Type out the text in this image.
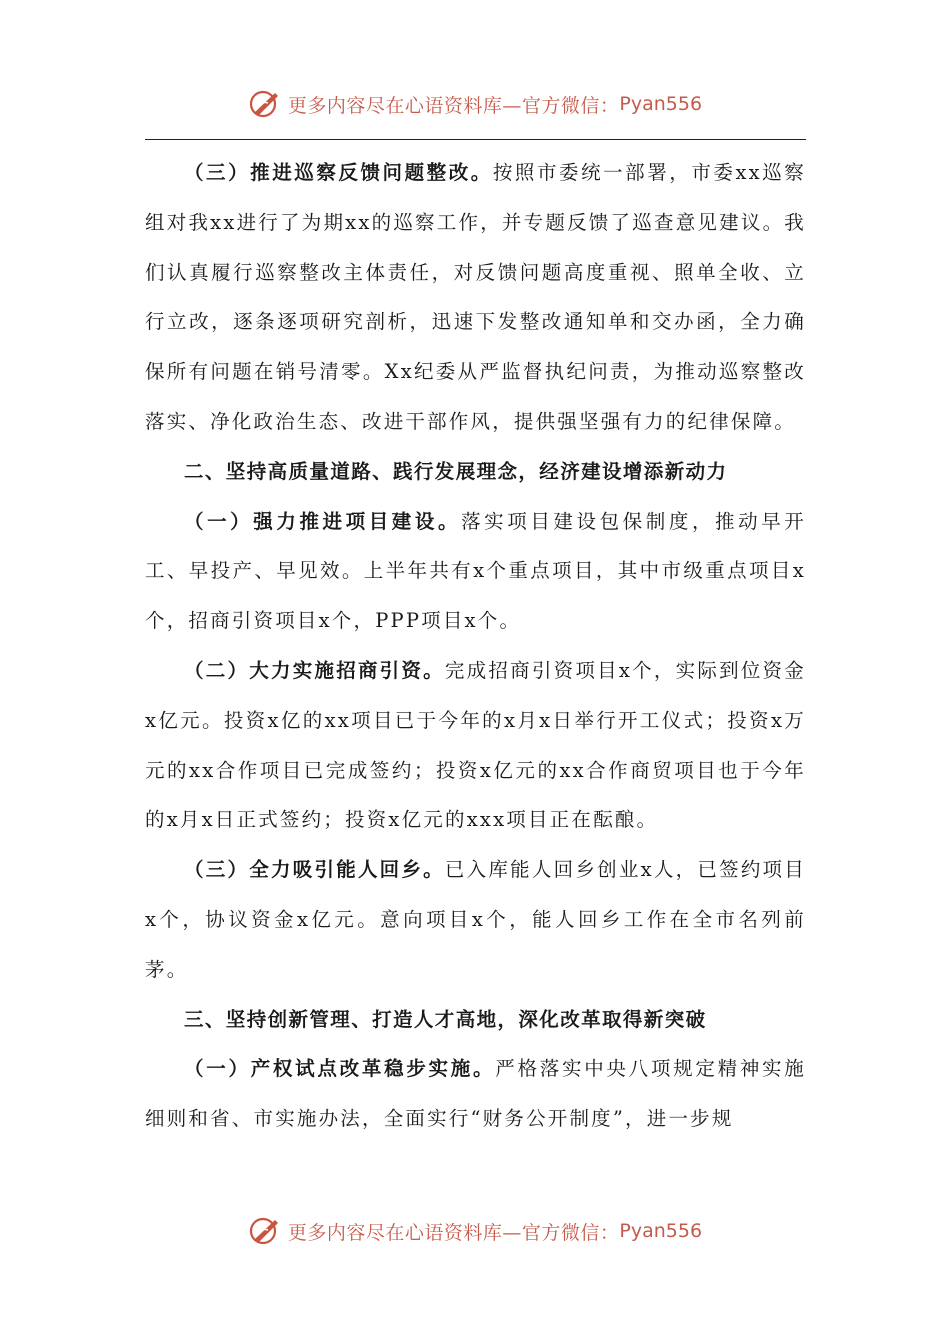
更多内容尽在心语资料库—官方微信： Pyan556

（三）推进巡察反馈问题整改。按照市委统一部署，市委xx巡察组对我xx进行了为期xx的巡察工作，并专题反馈了巡查意见建议。我们认真履行巡察整改主体责任，对反馈问题高度重视、照单全收、立行立改，逐条逐项研究剖析，迅速下发整改通知单和交办函，全力确保所有问题在销号清零。Xx纪委从严监督执纪问责，为推动巡察整改落实、净化政治生态、改进干部作风，提供强坚强有力的纪律保障。

二、坚持高质量道路、践行发展理念，经济建设增添新动力

（一）强力推进项目建设。落实项目建设包保制度，推动早开工、早投产、早见效。上半年共有x个重点项目，其中市级重点项目x个，招商引资项目x个，PPP项目x个。

（二）大力实施招商引资。完成招商引资项目x个，实际到位资金x亿元。投资x亿的xx项目已于今年的x月x日举行开工仪式；投资x万元的xx合作项目已完成签约；投资x亿元的xx合作商贸项目也于今年的x月x日正式签约；投资x亿元的xxx项目正在酝酿。

（三）全力吸引能人回乡。已入库能人回乡创业x人，已签约项目x个，协议资金x亿元。意向项目x个，能人回乡工作在全市名列前茅。

三、坚持创新管理、打造人才高地，深化改革取得新突破

（一）产权试点改革稳步实施。严格落实中央八项规定精神实施细则和省、市实施办法，全面实行“财务公开制度”，进一步规

更多内容尽在心语资料库—官方微信： Pyan556
